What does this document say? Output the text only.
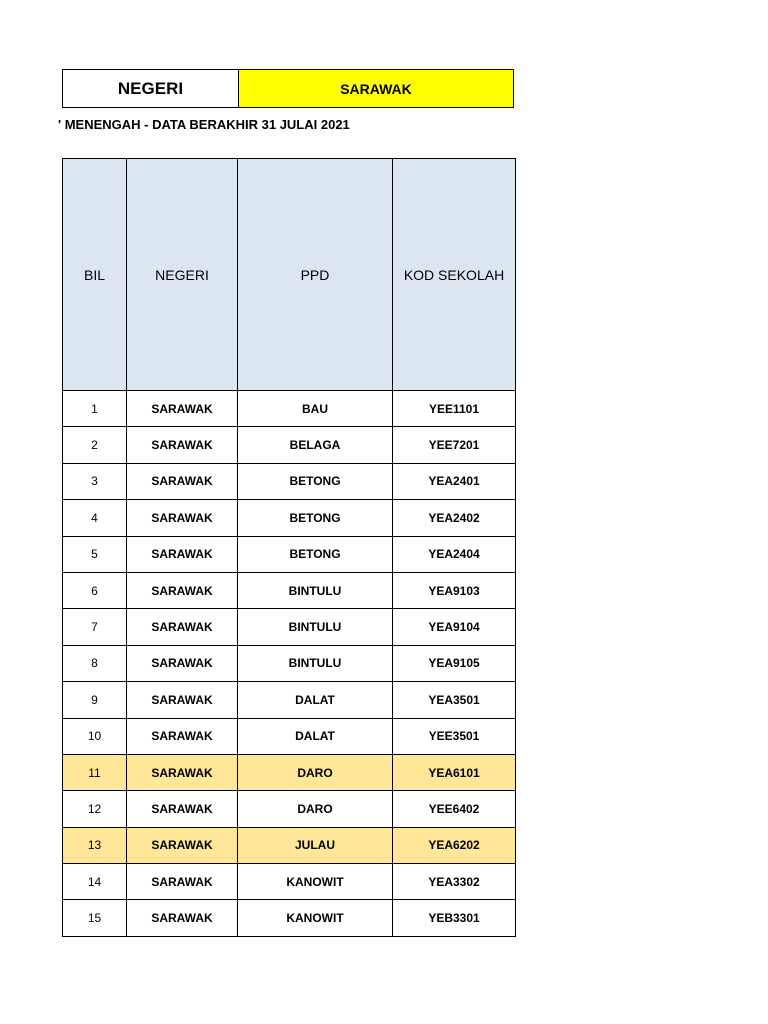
NEGERI	SARAWAK
' MENENGAH - DATA BERAKHIR 31 JULAI 2021
BIL	NEGERI	PPD	KOD SEKOLAH
1	SARAWAK	BAU	YEE1101
2	SARAWAK	BELAGA	YEE7201
3	SARAWAK	BETONG	YEA2401
4	SARAWAK	BETONG	YEA2402
5	SARAWAK	BETONG	YEA2404
6	SARAWAK	BINTULU	YEA9103
7	SARAWAK	BINTULU	YEA9104
8	SARAWAK	BINTULU	YEA9105
9	SARAWAK	DALAT	YEA3501
10	SARAWAK	DALAT	YEE3501
11	SARAWAK	DARO	YEA6101
12	SARAWAK	DARO	YEE6402
13	SARAWAK	JULAU	YEA6202
14	SARAWAK	KANOWIT	YEA3302
15	SARAWAK	KANOWIT	YEB3301
